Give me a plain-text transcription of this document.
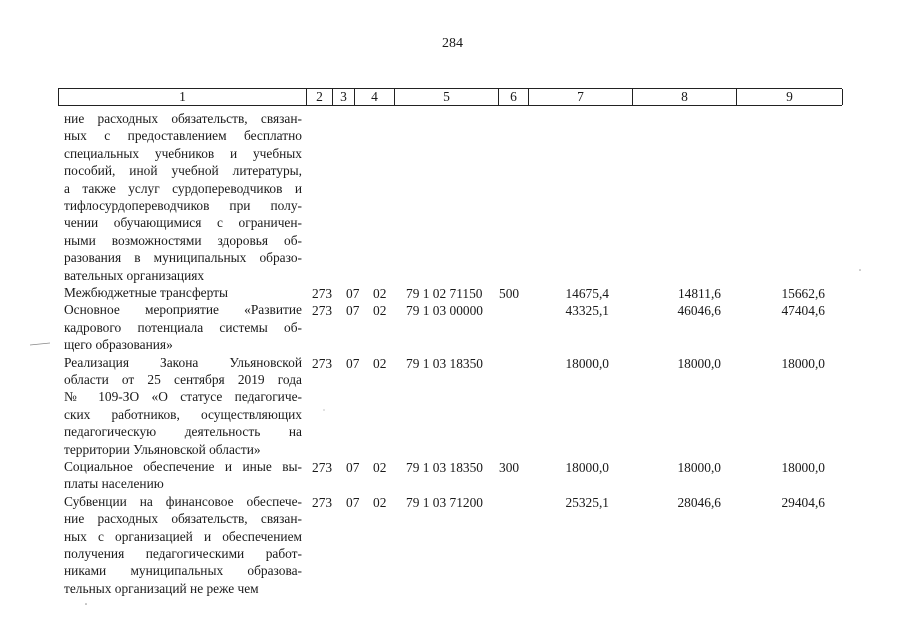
284
1	2	3	4	5	6	7	8	9
ние расходных обязательств, связан-
ных с предоставлением бесплатно
специальных учебников и учебных
пособий, иной учебной литературы,
а также услуг сурдопереводчиков и
тифлосурдопереводчиков при полу-
чении обучающимися с ограничен-
ными возможностями здоровья об-
разования в муниципальных образо-
вательных организациях
Межбюджетные трансферты	273 07 02 79 1 02 71150 500	14675,4	14811,6	15662,6
Основное мероприятие «Развитие
кадрового потенциала системы об-
щего образования»
273 07 02 79 1 03 00000	43325,1	46046,6	47404,6
Реализация Закона Ульяновской
области от 25 сентября 2019 года
№ 109-ЗО «О статусе педагогиче-
ских работников, осуществляющих
педагогическую деятельность на
территории Ульяновской области»
273 07 02 79 1 03 18350	18000,0	18000,0	18000,0
Социальное обеспечение и иные вы-
платы населению
273 07 02 79 1 03 18350 300	18000,0	18000,0	18000,0
Субвенции на финансовое обеспече-
ние расходных обязательств, связан-
ных с организацией и обеспечением
получения педагогическими работ-
никами муниципальных образова-
тельных организаций не реже чем
273 07 02 79 1 03 71200	25325,1	28046,6	29404,6
